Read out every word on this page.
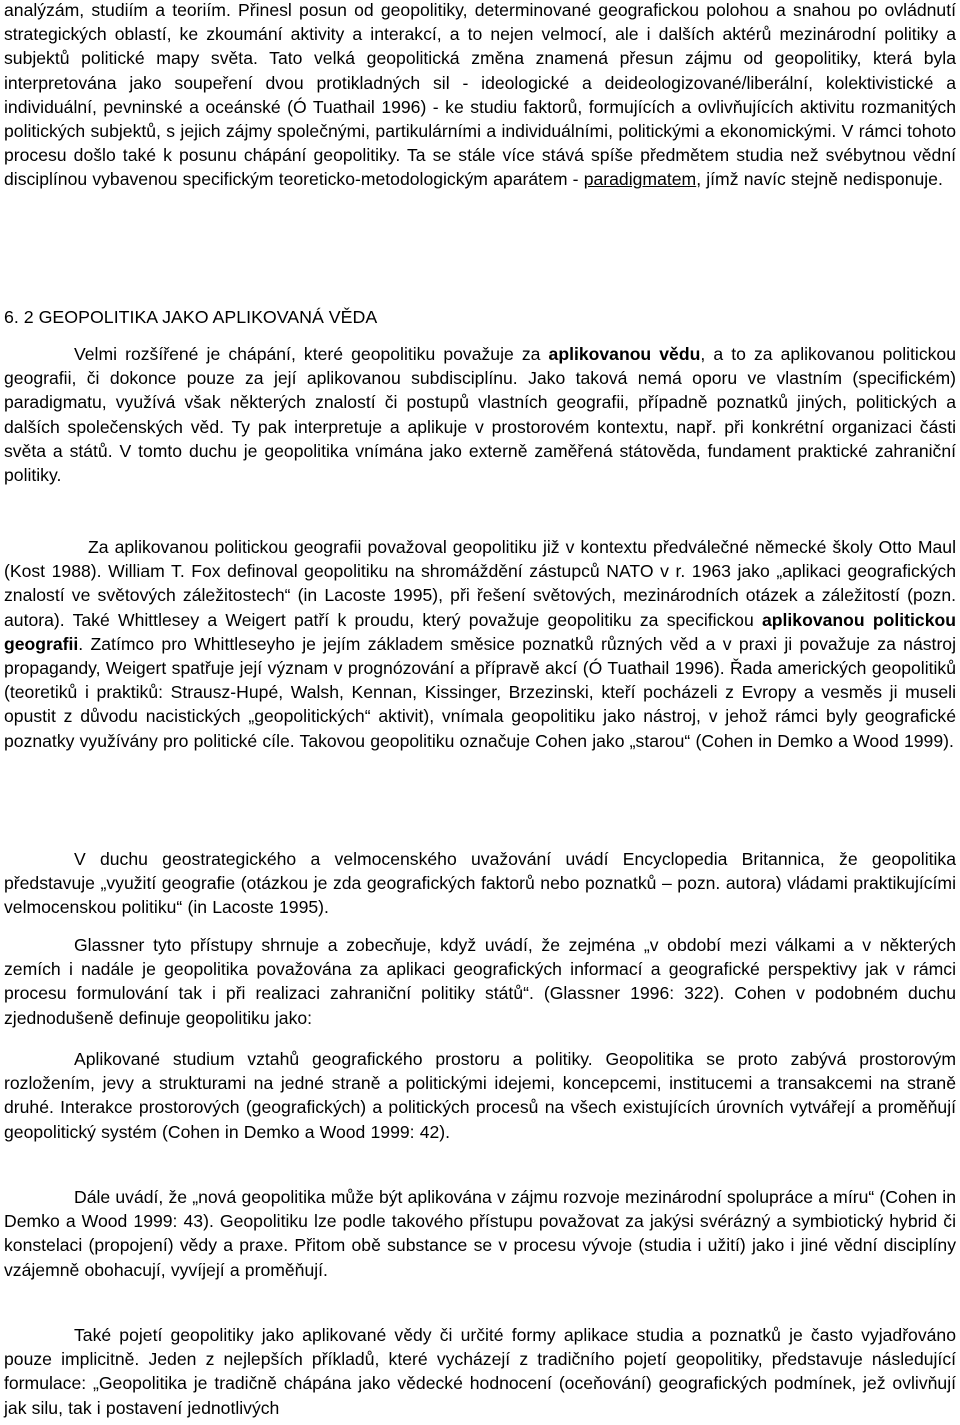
analýzám, studiím a teoriím. Přinesl posun od geopolitiky, determinované geografickou polohou a snahou po ovládnutí strategických oblastí, ke zkoumání aktivity a interakcí, a to nejen velmocí, ale i dalších aktérů mezinárodní politiky a subjektů politické mapy světa. Tato velká geopolitická změna znamená přesun zájmu od geopolitiky, která byla interpretována jako soupeření dvou protikladných sil - ideologické a deideologizované/liberální, kolektivistické a individuální, pevninské a oceánské (Ó Tuathail 1996) - ke studiu faktorů, formujících a ovlivňujících aktivitu rozmanitých politických subjektů, s jejich zájmy společnými, partikulárními a individuálními, politickými a ekonomickými. V rámci tohoto procesu došlo také k posunu chápání geopolitiky. Ta se stále více stává spíše předmětem studia než svébytnou vědní disciplínou vybavenou specifickým teoreticko-metodologickým aparátem - paradigmatem, jímž navíc stejně nedisponuje.

6. 2 GEOPOLITIKA JAKO APLIKOVANÁ VĚDA

Velmi rozšířené je chápání, které geopolitiku považuje za aplikovanou vědu, a to za aplikovanou politickou geografii, či dokonce pouze za její aplikovanou subdisciplínu. Jako taková nemá oporu ve vlastním (specifickém) paradigmatu, využívá však některých znalostí či postupů vlastních geografii, případně poznatků jiných, politických a dalších společenských věd. Ty pak interpretuje a aplikuje v prostorovém kontextu, např. při konkrétní organizaci části světa a států. V tomto duchu je geopolitika vnímána jako externě zaměřená státověda, fundament praktické zahraniční politiky.

Za aplikovanou politickou geografii považoval geopolitiku již v kontextu předválečné německé školy Otto Maul (Kost 1988). William T. Fox definoval geopolitiku na shromáždění zástupců NATO v r. 1963 jako „aplikaci geografických znalostí ve světových záležitostech“ (in Lacoste 1995), při řešení světových, mezinárodních otázek a záležitostí (pozn. autora). Také Whittlesey a Weigert patří k proudu, který považuje geopolitiku za specifickou aplikovanou politickou geografii. Zatímco pro Whittleseyho je jejím základem směsice poznatků různých věd a v praxi ji považuje za nástroj propagandy, Weigert spatřuje její význam v prognózování a přípravě akcí (Ó Tuathail 1996). Řada amerických geopolitiků (teoretiků i praktiků: Strausz-Hupé, Walsh, Kennan, Kissinger, Brzezinski, kteří pocházeli z Evropy a vesměs ji museli opustit z důvodu nacistických „geopolitických“ aktivit), vnímala geopolitiku jako nástroj, v jehož rámci byly geografické poznatky využívány pro politické cíle. Takovou geopolitiku označuje Cohen jako „starou“ (Cohen in Demko a Wood 1999).

V duchu geostrategického a velmocenského uvažování uvádí Encyclopedia Britannica, že geopolitika představuje „využití geografie (otázkou je zda geografických faktorů nebo poznatků – pozn. autora) vládami praktikujícími velmocenskou politiku“ (in Lacoste 1995).

Glassner tyto přístupy shrnuje a zobecňuje, když uvádí, že zejména „v období mezi válkami a v některých zemích i nadále je geopolitika považována za aplikaci geografických informací a geografické perspektivy jak v rámci procesu formulování tak i při realizaci zahraniční politiky států“. (Glassner 1996: 322). Cohen v podobném duchu zjednodušeně definuje geopolitiku jako:

Aplikované studium vztahů geografického prostoru a politiky. Geopolitika se proto zabývá prostorovým rozložením, jevy a strukturami na jedné straně a politickými idejemi, koncepcemi, institucemi a transakcemi na straně druhé. Interakce prostorových (geografických) a politických procesů na všech existujících úrovních vytvářejí a proměňují geopolitický systém (Cohen in Demko a Wood 1999: 42).

Dále uvádí, že „nová geopolitika může být aplikována v zájmu rozvoje mezinárodní spolupráce a míru“ (Cohen in Demko a Wood 1999: 43). Geopolitiku lze podle takového přístupu považovat za jakýsi svérázný a symbiotický hybrid či konstelaci (propojení) vědy a praxe. Přitom obě substance se v procesu vývoje (studia i užití) jako i jiné vědní disciplíny vzájemně obohacují, vyvíjejí a proměňují.

Také pojetí geopolitiky jako aplikované vědy či určité formy aplikace studia a poznatků je často vyjadřováno pouze implicitně. Jeden z nejlepších příkladů, které vycházejí z tradičního pojetí geopolitiky, představuje následující formulace: „Geopolitika je tradičně chápána jako vědecké hodnocení (oceňování) geografických podmínek, jež ovlivňují jak silu, tak i postavení jednotlivých
